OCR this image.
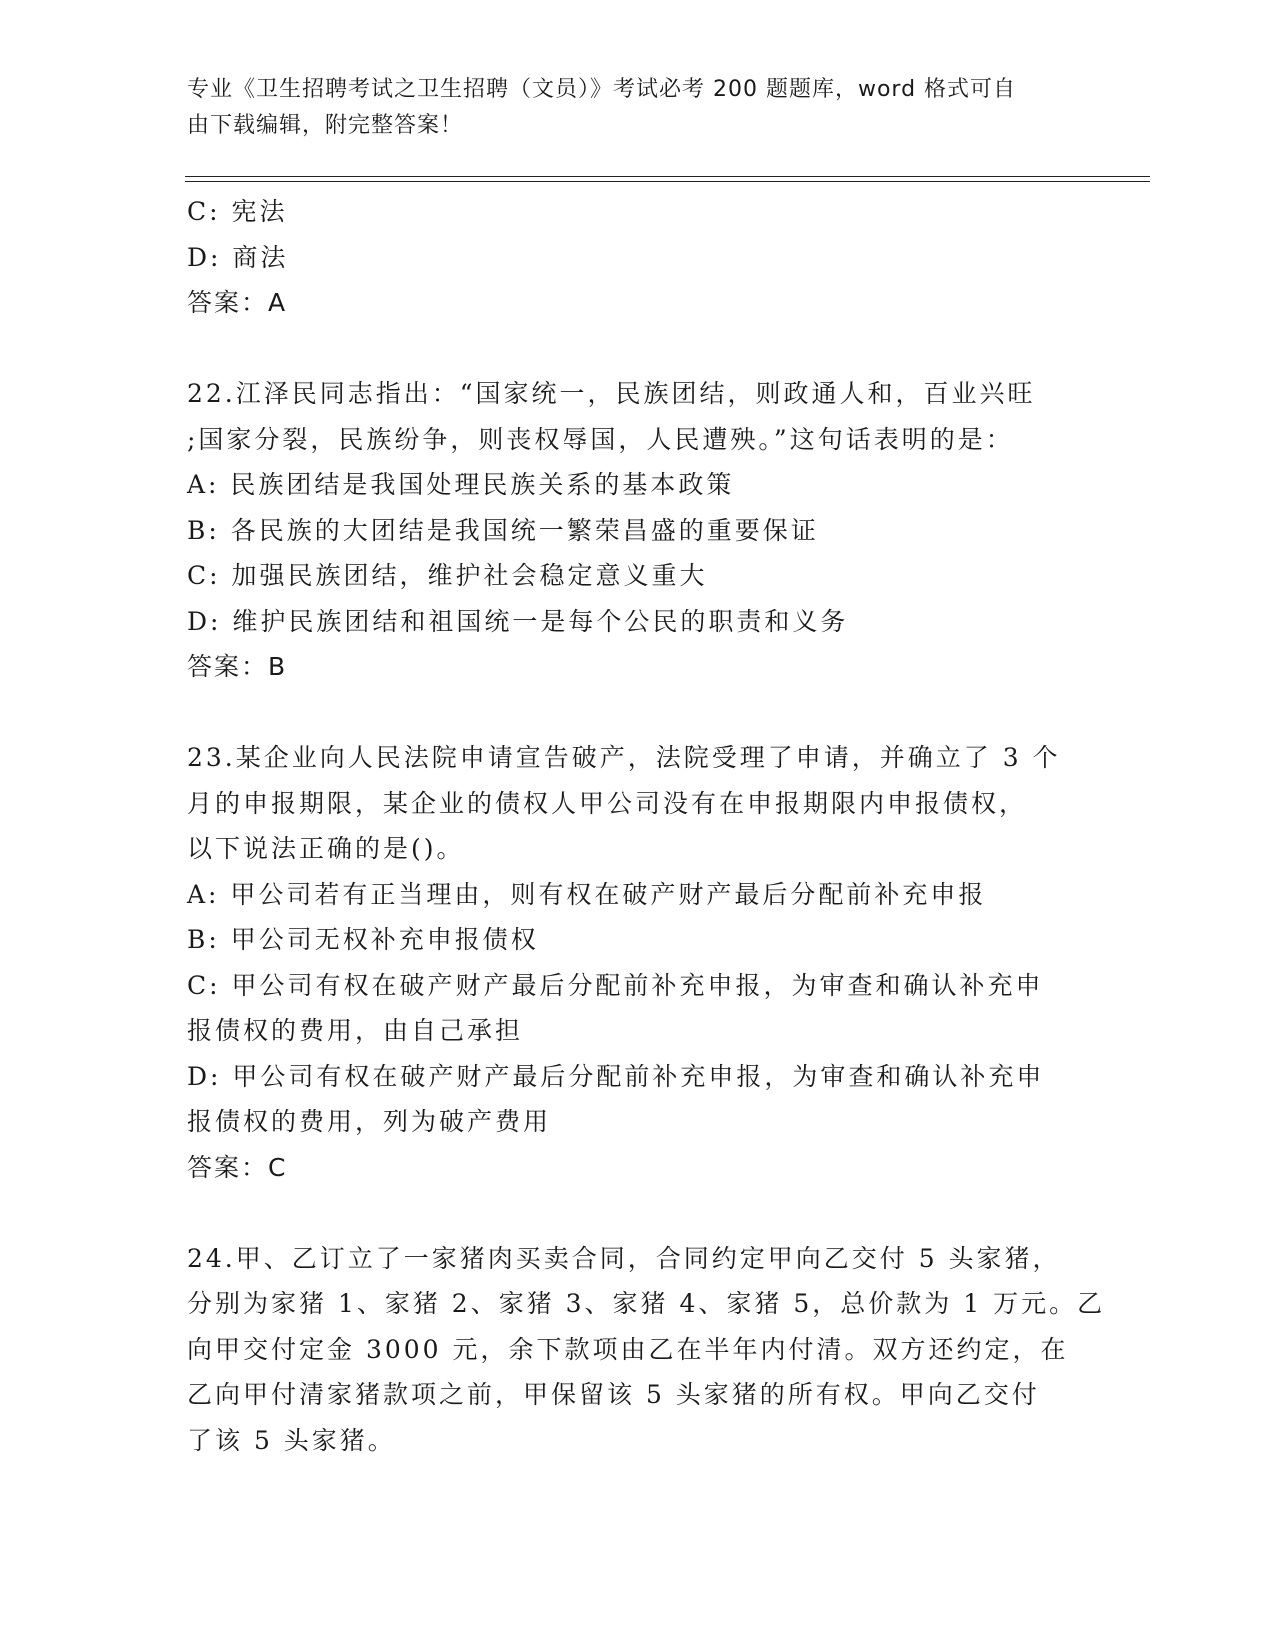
专业《卫生招聘考试之卫生招聘（文员）》考试必考 200 题题库，word 格式可自
由下载编辑，附完整答案！
C: 宪法
D: 商法
答案：A
22.江泽民同志指出：“国家统一，民族团结，则政通人和，百业兴旺
;国家分裂，民族纷争，则丧权辱国，人民遭殃。”这句话表明的是：
A: 民族团结是我国处理民族关系的基本政策
B: 各民族的大团结是我国统一繁荣昌盛的重要保证
C: 加强民族团结，维护社会稳定意义重大
D: 维护民族团结和祖国统一是每个公民的职责和义务
答案：B
23.某企业向人民法院申请宣告破产，法院受理了申请，并确立了 3 个
月的申报期限，某企业的债权人甲公司没有在申报期限内申报债权，
以下说法正确的是()。
A: 甲公司若有正当理由，则有权在破产财产最后分配前补充申报
B: 甲公司无权补充申报债权
C: 甲公司有权在破产财产最后分配前补充申报，为审查和确认补充申
报债权的费用，由自己承担
D: 甲公司有权在破产财产最后分配前补充申报，为审查和确认补充申
报债权的费用，列为破产费用
答案：C
24.甲、乙订立了一家猪肉买卖合同，合同约定甲向乙交付 5 头家猪，
分别为家猪 1、家猪 2、家猪 3、家猪 4、家猪 5，总价款为 1 万元。乙
向甲交付定金 3000 元，余下款项由乙在半年内付清。双方还约定，在
乙向甲付清家猪款项之前，甲保留该 5 头家猪的所有权。甲向乙交付
了该 5 头家猪。
